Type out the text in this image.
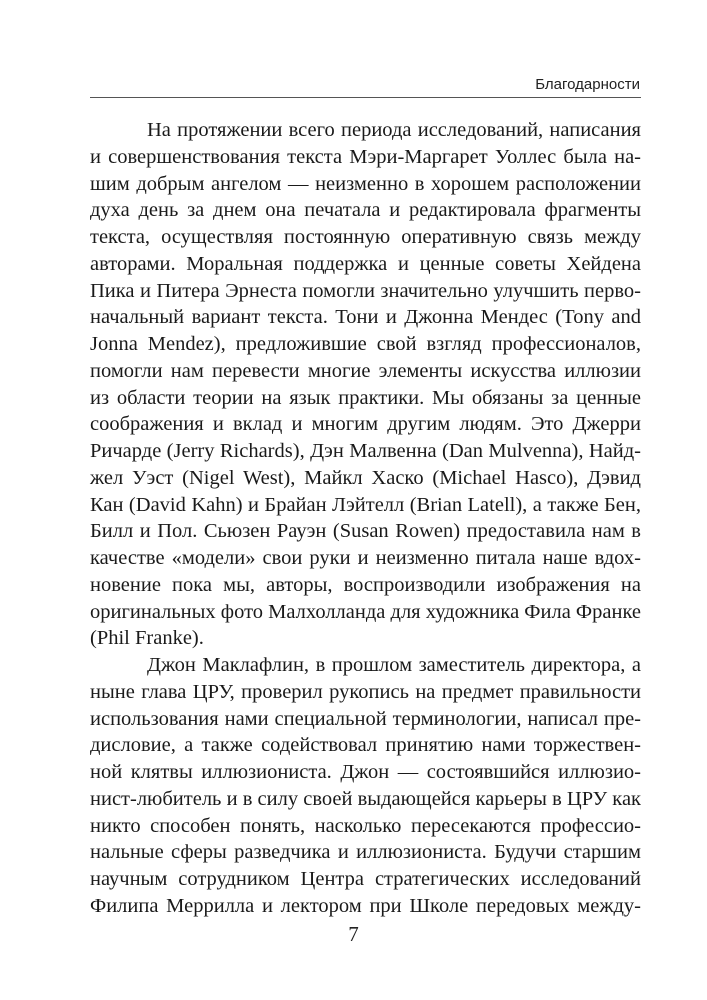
Благодарности
На протяжении всего периода исследований, написания
и совершенствования текста Мэри-Маргарет Уоллес была на-
шим добрым ангелом — неизменно в хорошем расположении
духа день за днем она печатала и редактировала фрагменты
текста, осуществляя постоянную оперативную связь между
авторами. Моральная поддержка и ценные советы Хейдена
Пика и Питера Эрнеста помогли значительно улучшить перво-
начальный вариант текста. Тони и Джонна Мендес (Tony and
Jonna Mendez), предложившие свой взгляд профессионалов,
помогли нам перевести многие элементы искусства иллюзии
из области теории на язык практики. Мы обязаны за ценные
соображения и вклад и многим другим людям. Это Джерри
Ричарде (Jerry Richards), Дэн Малвенна (Dan Mulvenna), Найд-
жел Уэст (Nigel West), Майкл Хаско (Michael Hasco), Дэвид
Кан (David Kahn) и Брайан Лэйтелл (Brian Latell), а также Бен,
Билл и Пол. Сьюзен Рауэн (Susan Rowen) предоставила нам в
качестве «модели» свои руки и неизменно питала наше вдох-
новение пока мы, авторы, воспроизводили изображения на
оригинальных фото Малхолланда для художника Фила Франке
(Phil Franke).
Джон Маклафлин, в прошлом заместитель директора, а
ныне глава ЦРУ, проверил рукопись на предмет правильности
использования нами специальной терминологии, написал пре-
дисловие, а также содействовал принятию нами торжествен-
ной клятвы иллюзиониста. Джон — состоявшийся иллюзио-
нист-любитель и в силу своей выдающейся карьеры в ЦРУ как
никто способен понять, насколько пересекаются профессио-
нальные сферы разведчика и иллюзиониста. Будучи старшим
научным сотрудником Центра стратегических исследований
Филипа Меррилла и лектором при Школе передовых между-
7
